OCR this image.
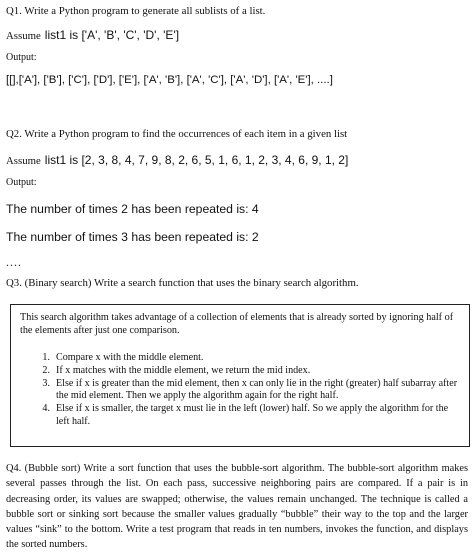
Q1. Write a Python program to generate all sublists of a list.
Assume list1 is ['A', 'B', 'C', 'D', 'E']
Output:
[[],['A'], ['B'], ['C'], ['D'], ['E'], ['A', 'B'], ['A', 'C'], ['A', 'D'], ['A', 'E'], ....]
Q2. Write a Python program to find the occurrences of each item in a given list
Assume list1 is [2, 3, 8, 4, 7, 9, 8, 2, 6, 5, 1, 6, 1, 2, 3, 4, 6, 9, 1, 2]
Output:
The number of times 2 has been repeated is: 4
The number of times 3 has been repeated is: 2
....
Q3. (Binary search) Write a search function that uses the binary search algorithm.
This search algorithm takes advantage of a collection of elements that is already sorted by ignoring half of the elements after just one comparison.
1. Compare x with the middle element.
2. If x matches with the middle element, we return the mid index.
3. Else if x is greater than the mid element, then x can only lie in the right (greater) half subarray after the mid element. Then we apply the algorithm again for the right half.
4. Else if x is smaller, the target x must lie in the left (lower) half. So we apply the algorithm for the left half.
Q4. (Bubble sort) Write a sort function that uses the bubble-sort algorithm. The bubble-sort algorithm makes several passes through the list. On each pass, successive neighboring pairs are compared. If a pair is in decreasing order, its values are swapped; otherwise, the values remain unchanged. The technique is called a bubble sort or sinking sort because the smaller values gradually “bubble” their way to the top and the larger values “sink” to the bottom. Write a test program that reads in ten numbers, invokes the function, and displays the sorted numbers.
